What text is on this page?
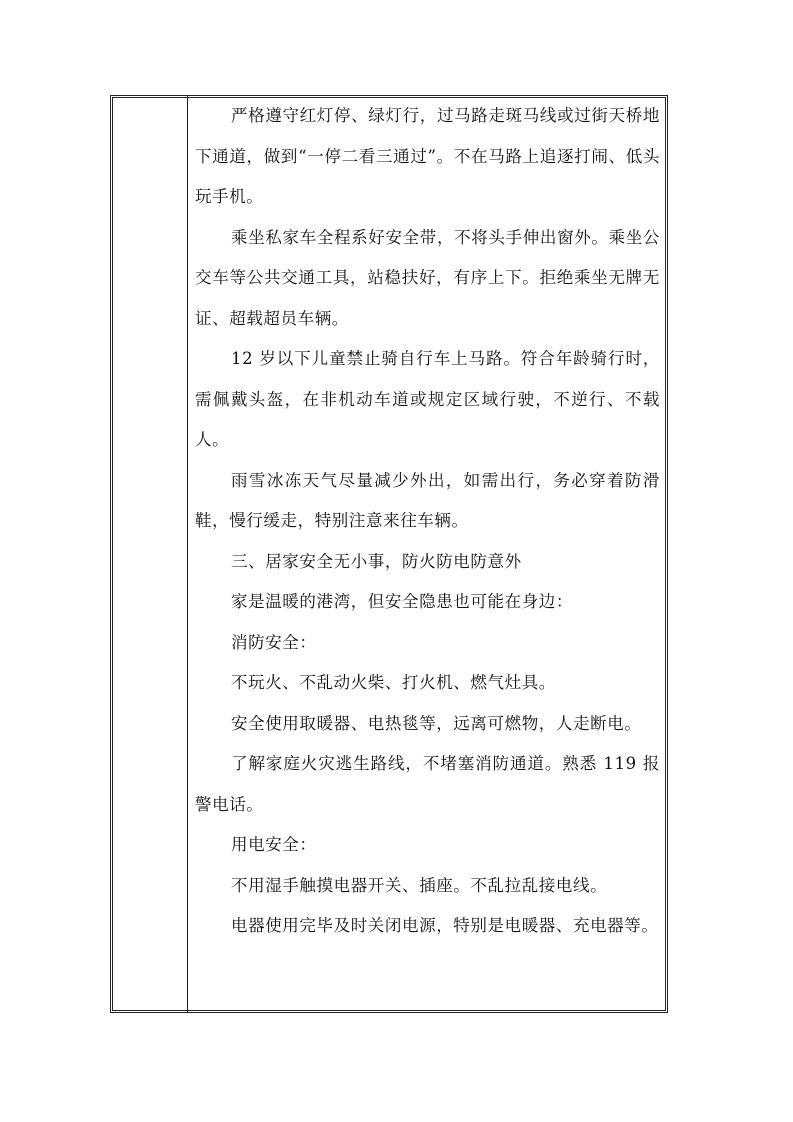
严格遵守红灯停、绿灯行，过马路走斑马线或过街天桥地下通道，做到“一停二看三通过”。不在马路上追逐打闹、低头玩手机。

乘坐私家车全程系好安全带，不将头手伸出窗外。乘坐公交车等公共交通工具，站稳扶好，有序上下。拒绝乘坐无牌无证、超载超员车辆。

12 岁以下儿童禁止骑自行车上马路。符合年龄骑行时，需佩戴头盔，在非机动车道或规定区域行驶，不逆行、不载人。

雨雪冰冻天气尽量减少外出，如需出行，务必穿着防滑鞋，慢行缓走，特别注意来往车辆。

三、居家安全无小事，防火防电防意外

家是温暖的港湾，但安全隐患也可能在身边：

消防安全：

不玩火、不乱动火柴、打火机、燃气灶具。

安全使用取暖器、电热毯等，远离可燃物，人走断电。

了解家庭火灾逃生路线，不堵塞消防通道。熟悉 119 报警电话。

用电安全：

不用湿手触摸电器开关、插座。不乱拉乱接电线。

电器使用完毕及时关闭电源，特别是电暖器、充电器等。
